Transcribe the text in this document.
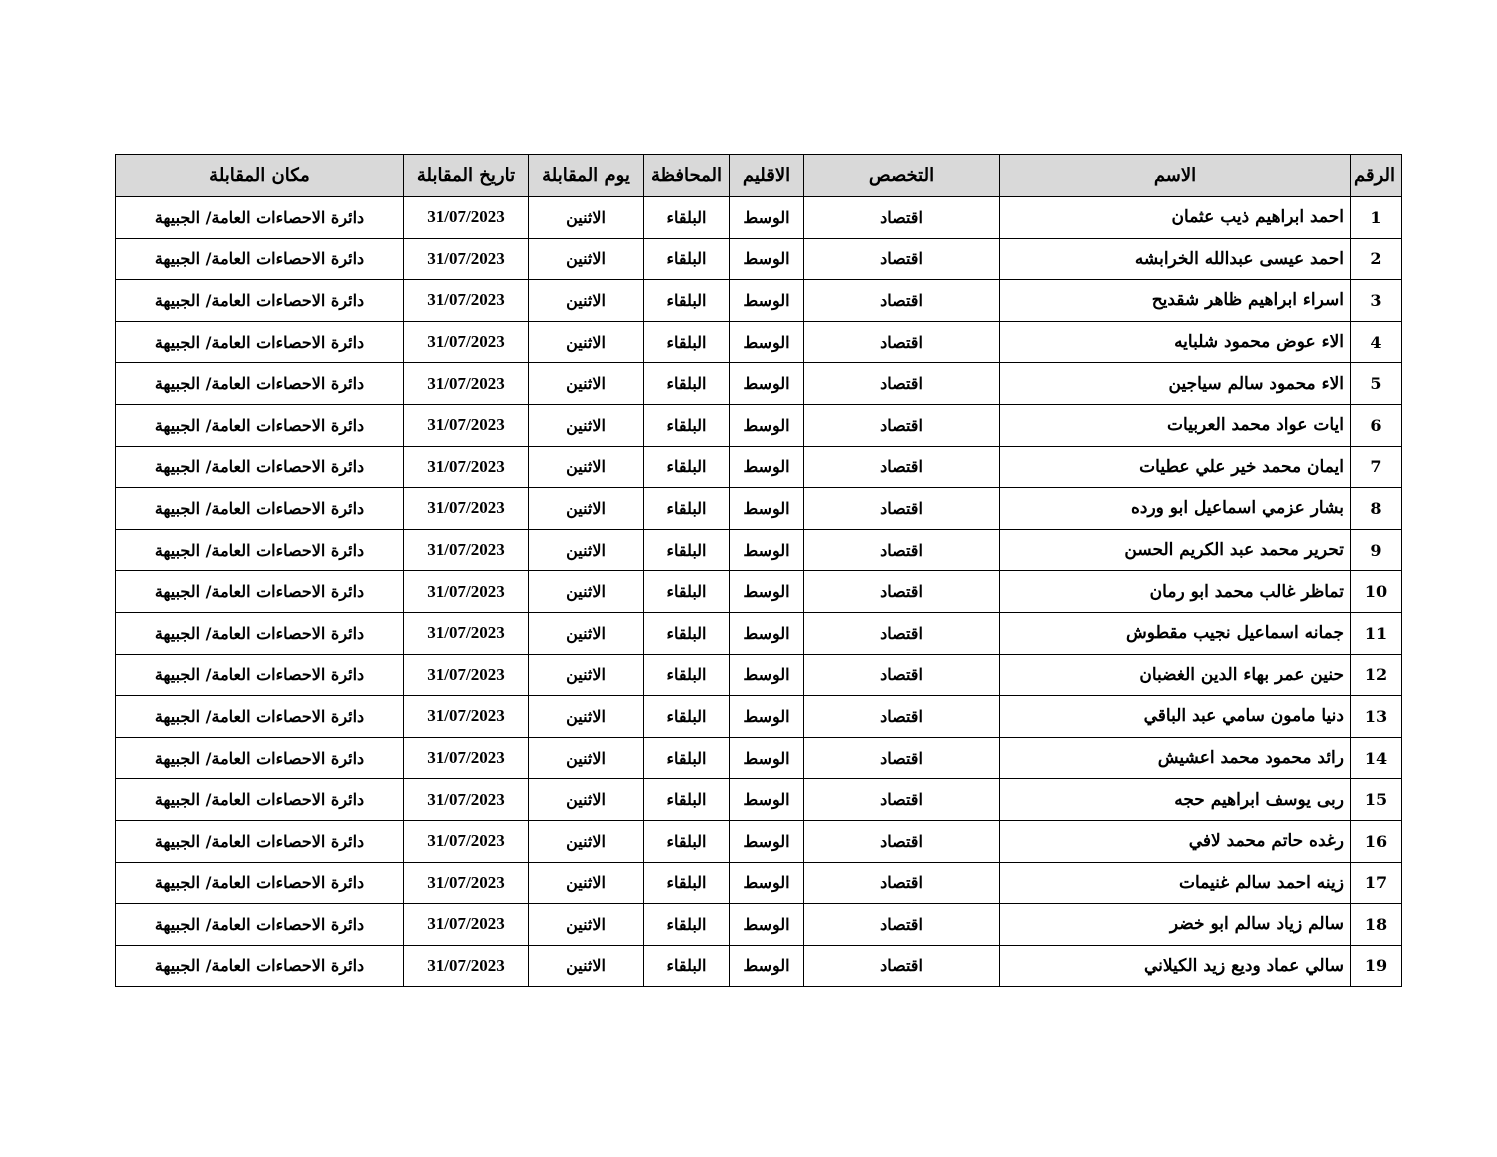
الرقم	الاسم	التخصص	الاقليم	المحافظة	يوم المقابلة	تاريخ المقابلة	مكان المقابلة
1	احمد ابراهيم ذيب عثمان	اقتصاد	الوسط	البلقاء	الاثنين	31/07/2023	دائرة الاحصاءات العامة/ الجبيهة
2	احمد عيسى عبدالله الخرابشه	اقتصاد	الوسط	البلقاء	الاثنين	31/07/2023	دائرة الاحصاءات العامة/ الجبيهة
3	اسراء ابراهيم ظاهر شقديح	اقتصاد	الوسط	البلقاء	الاثنين	31/07/2023	دائرة الاحصاءات العامة/ الجبيهة
4	الاء عوض محمود شلبايه	اقتصاد	الوسط	البلقاء	الاثنين	31/07/2023	دائرة الاحصاءات العامة/ الجبيهة
5	الاء محمود سالم سياجين	اقتصاد	الوسط	البلقاء	الاثنين	31/07/2023	دائرة الاحصاءات العامة/ الجبيهة
6	ايات عواد محمد العربيات	اقتصاد	الوسط	البلقاء	الاثنين	31/07/2023	دائرة الاحصاءات العامة/ الجبيهة
7	ايمان محمد خير علي عطيات	اقتصاد	الوسط	البلقاء	الاثنين	31/07/2023	دائرة الاحصاءات العامة/ الجبيهة
8	بشار عزمي اسماعيل ابو ورده	اقتصاد	الوسط	البلقاء	الاثنين	31/07/2023	دائرة الاحصاءات العامة/ الجبيهة
9	تحرير محمد عبد الكريم الحسن	اقتصاد	الوسط	البلقاء	الاثنين	31/07/2023	دائرة الاحصاءات العامة/ الجبيهة
10	تماظر غالب محمد ابو رمان	اقتصاد	الوسط	البلقاء	الاثنين	31/07/2023	دائرة الاحصاءات العامة/ الجبيهة
11	جمانه اسماعيل نجيب مقطوش	اقتصاد	الوسط	البلقاء	الاثنين	31/07/2023	دائرة الاحصاءات العامة/ الجبيهة
12	حنين عمر بهاء الدين الغضبان	اقتصاد	الوسط	البلقاء	الاثنين	31/07/2023	دائرة الاحصاءات العامة/ الجبيهة
13	دنيا مامون سامي عبد الباقي	اقتصاد	الوسط	البلقاء	الاثنين	31/07/2023	دائرة الاحصاءات العامة/ الجبيهة
14	رائد محمود محمد اعشيش	اقتصاد	الوسط	البلقاء	الاثنين	31/07/2023	دائرة الاحصاءات العامة/ الجبيهة
15	ربى يوسف ابراهيم حجه	اقتصاد	الوسط	البلقاء	الاثنين	31/07/2023	دائرة الاحصاءات العامة/ الجبيهة
16	رغده حاتم محمد لافي	اقتصاد	الوسط	البلقاء	الاثنين	31/07/2023	دائرة الاحصاءات العامة/ الجبيهة
17	زينه احمد سالم غنيمات	اقتصاد	الوسط	البلقاء	الاثنين	31/07/2023	دائرة الاحصاءات العامة/ الجبيهة
18	سالم زياد سالم ابو خضر	اقتصاد	الوسط	البلقاء	الاثنين	31/07/2023	دائرة الاحصاءات العامة/ الجبيهة
19	سالي عماد وديع زيد الكيلاني	اقتصاد	الوسط	البلقاء	الاثنين	31/07/2023	دائرة الاحصاءات العامة/ الجبيهة
